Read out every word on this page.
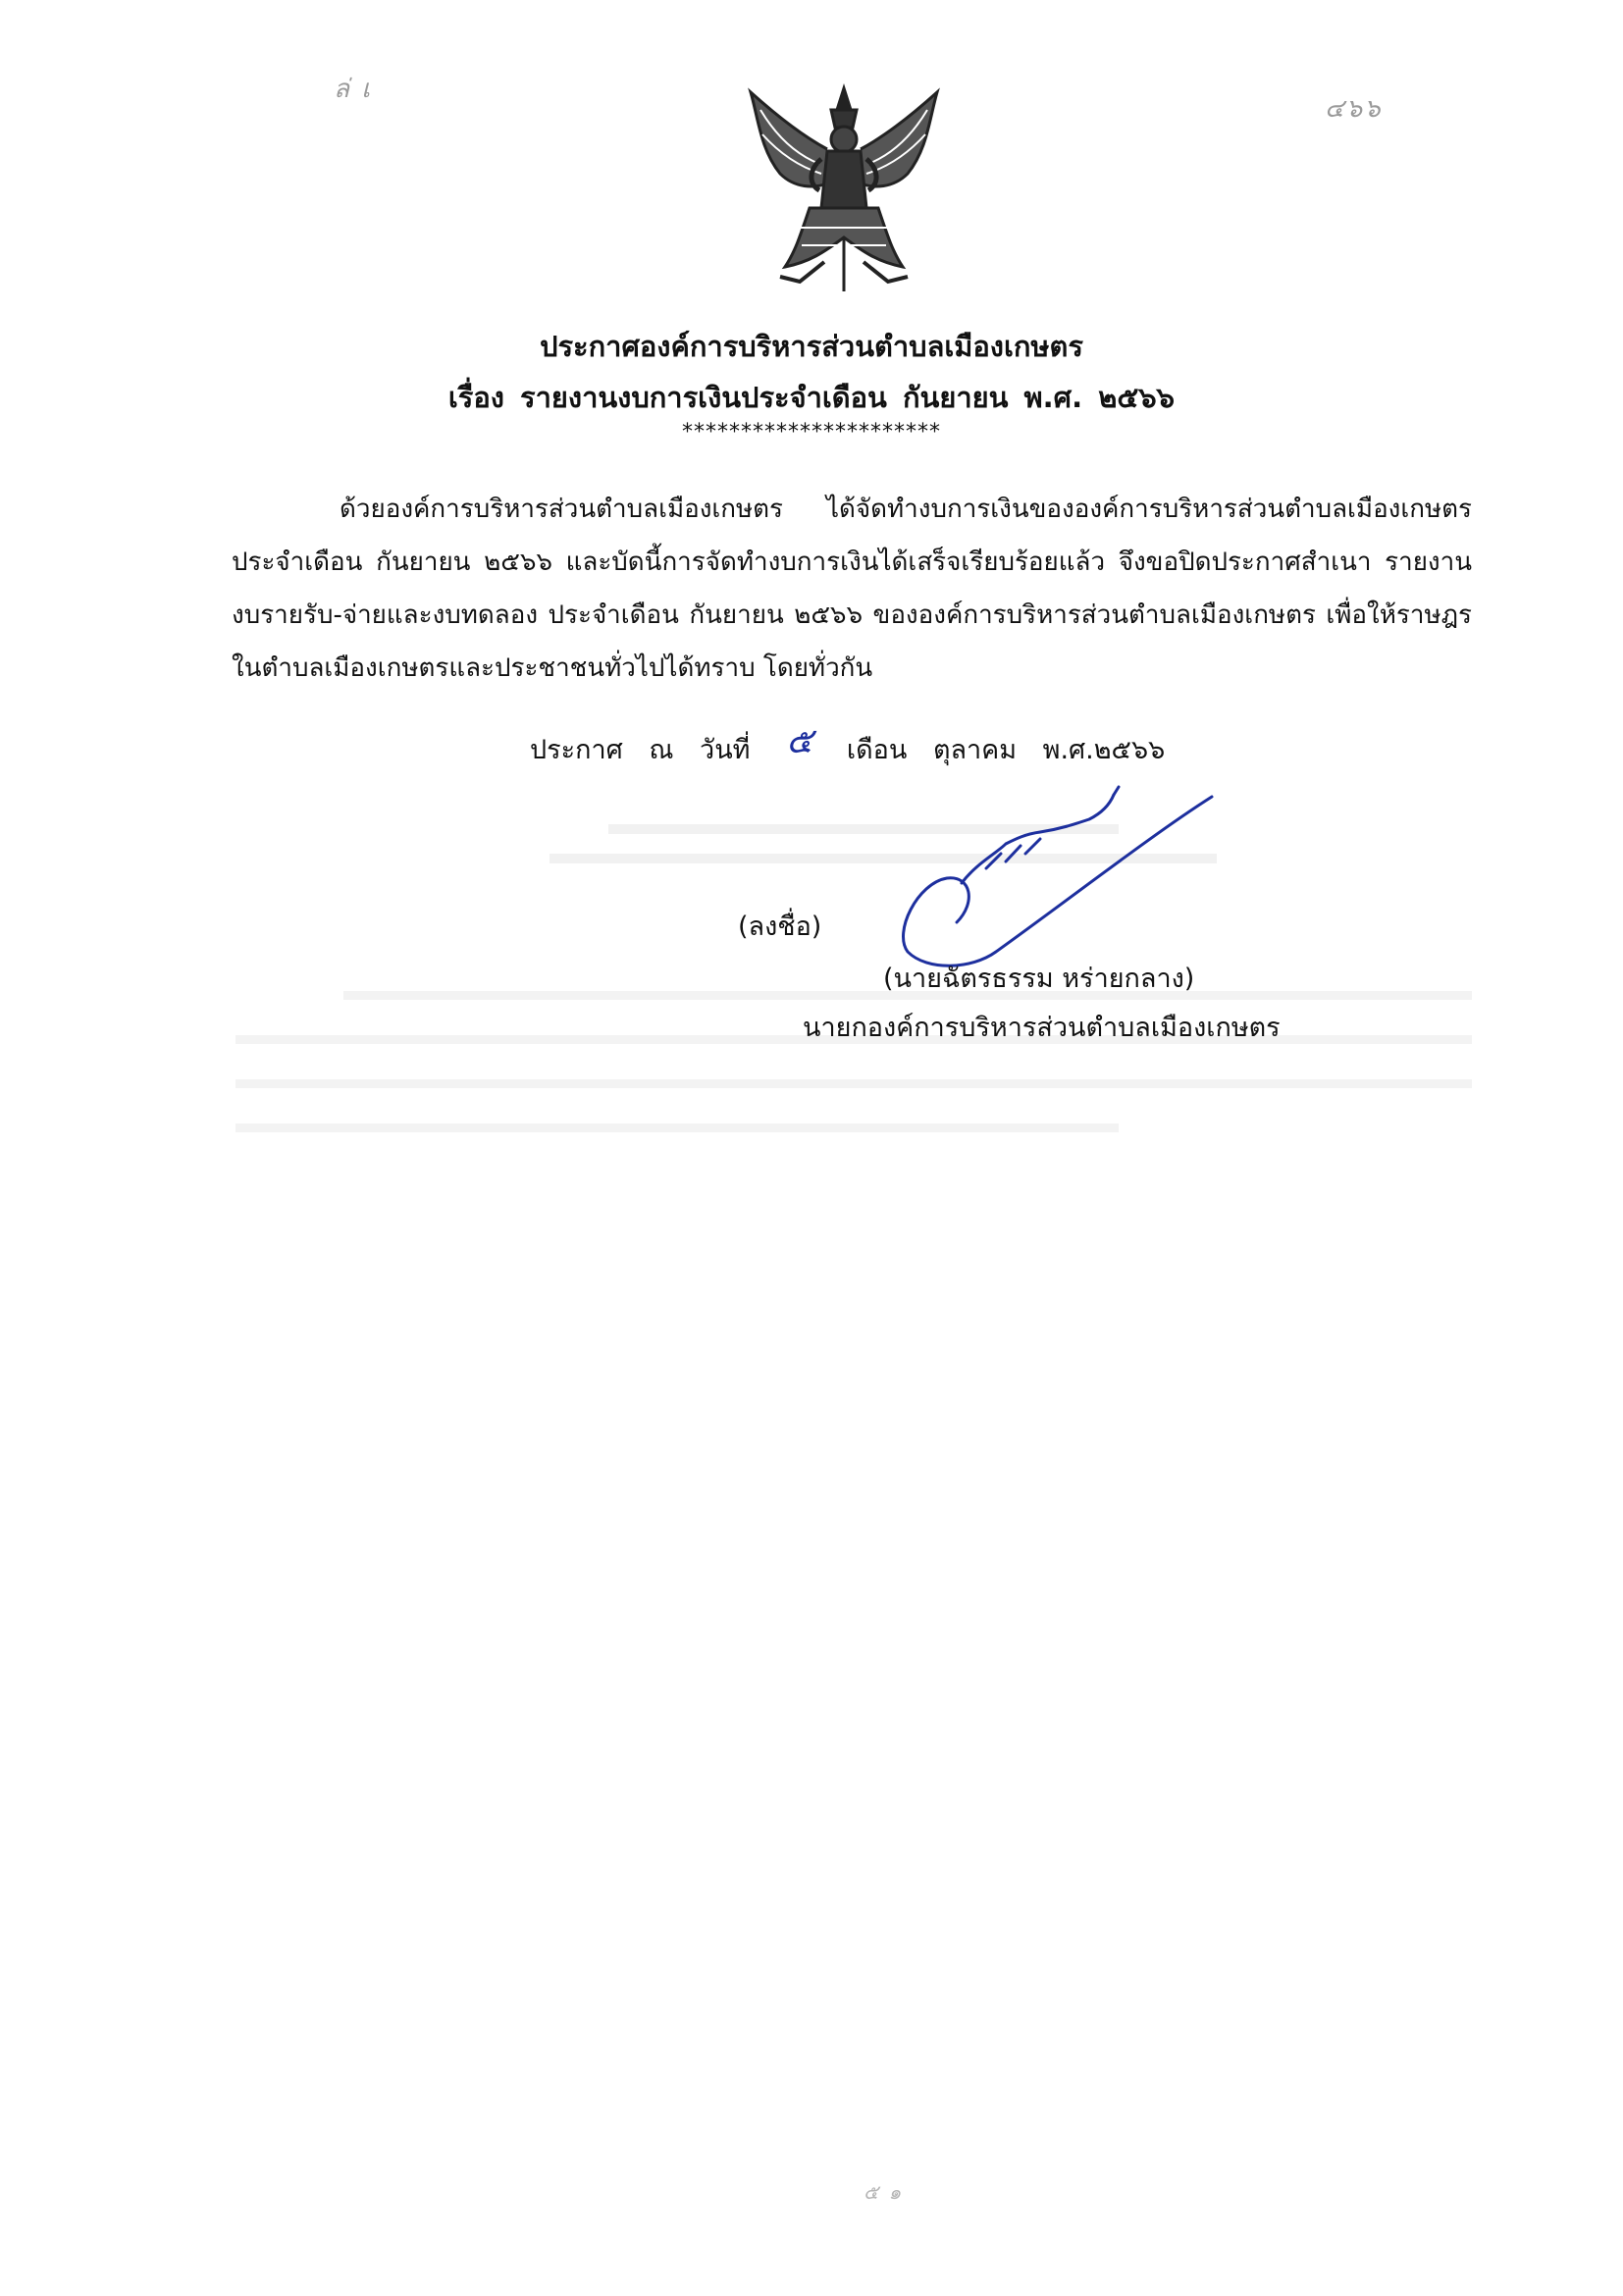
ล่ เ
๔๖๖
ประกาศองค์การบริหารส่วนตำบลเมืองเกษตร
เรื่อง รายงานงบการเงินประจำเดือน กันยายน พ.ศ. ๒๕๖๖
**********************
ด้วยองค์การบริหารส่วนตำบลเมืองเกษตร ได้จัดทำงบการเงินขององค์การบริหารส่วนตำบลเมืองเกษตร ประจำเดือน กันยายน ๒๕๖๖ และบัดนี้การจัดทำงบการเงินได้เสร็จเรียบร้อยแล้ว จึงขอปิดประกาศสำเนา รายงานงบรายรับ-จ่ายและงบทดลอง ประจำเดือน กันยายน ๒๕๖๖ ขององค์การบริหารส่วนตำบลเมืองเกษตร เพื่อให้ราษฎรในตำบลเมืองเกษตรและประชาชนทั่วไปได้ทราบ โดยทั่วกัน
ประกาศ ณ วันที่ ๕ เดือน ตุลาคม พ.ศ.๒๕๖๖
(ลงชื่อ)
(นายฉัตรธรรม หร่ายกลาง)
นายกองค์การบริหารส่วนตำบลเมืองเกษตร
๕ ๑
